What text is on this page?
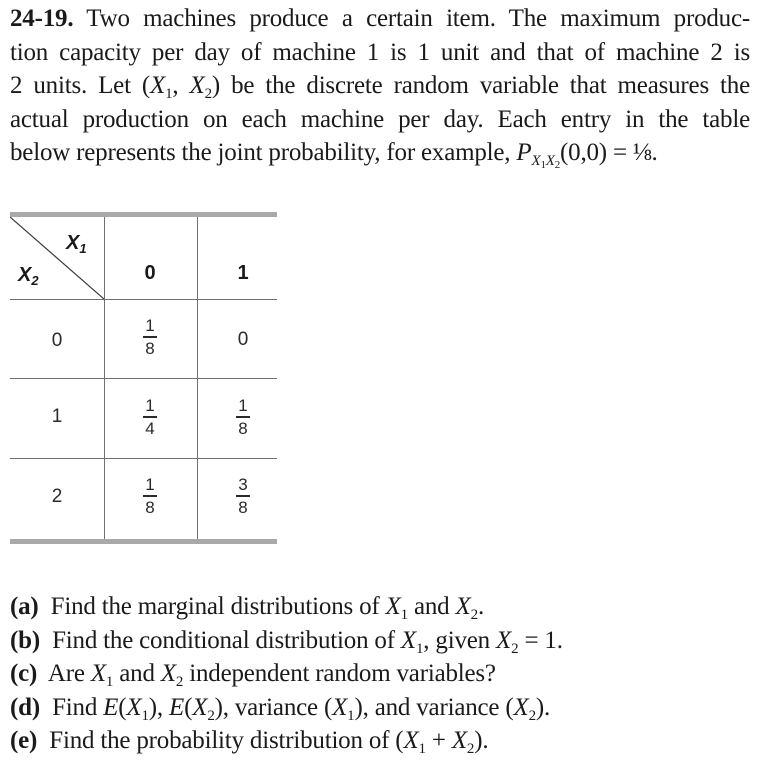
24-19. Two machines produce a certain item. The maximum produc-
tion capacity per day of machine 1 is 1 unit and that of machine 2 is
2 units. Let ($X_1$, $X_2$) be the discrete random variable that measures the
actual production on each machine per day. Each entry in the table
below represents the joint probability, for example, $P_{X_1X_2}(0,0)$ = ⅛.
$X_1$
$X_2$	0	1
0	$\frac{1}{8}$	0
1	$\frac{1}{4}$	$\frac{1}{8}$
2	$\frac{1}{8}$	$\frac{3}{8}$
(a)  Find the marginal distributions of $X_1$ and $X_2$.
(b)  Find the conditional distribution of $X_1$, given $X_2 = 1$.
(c)  Are $X_1$ and $X_2$ independent random variables?
(d)  Find $E(X_1)$, $E(X_2)$, variance $(X_1)$, and variance $(X_2)$.
(e)  Find the probability distribution of $(X_1 + X_2)$.
